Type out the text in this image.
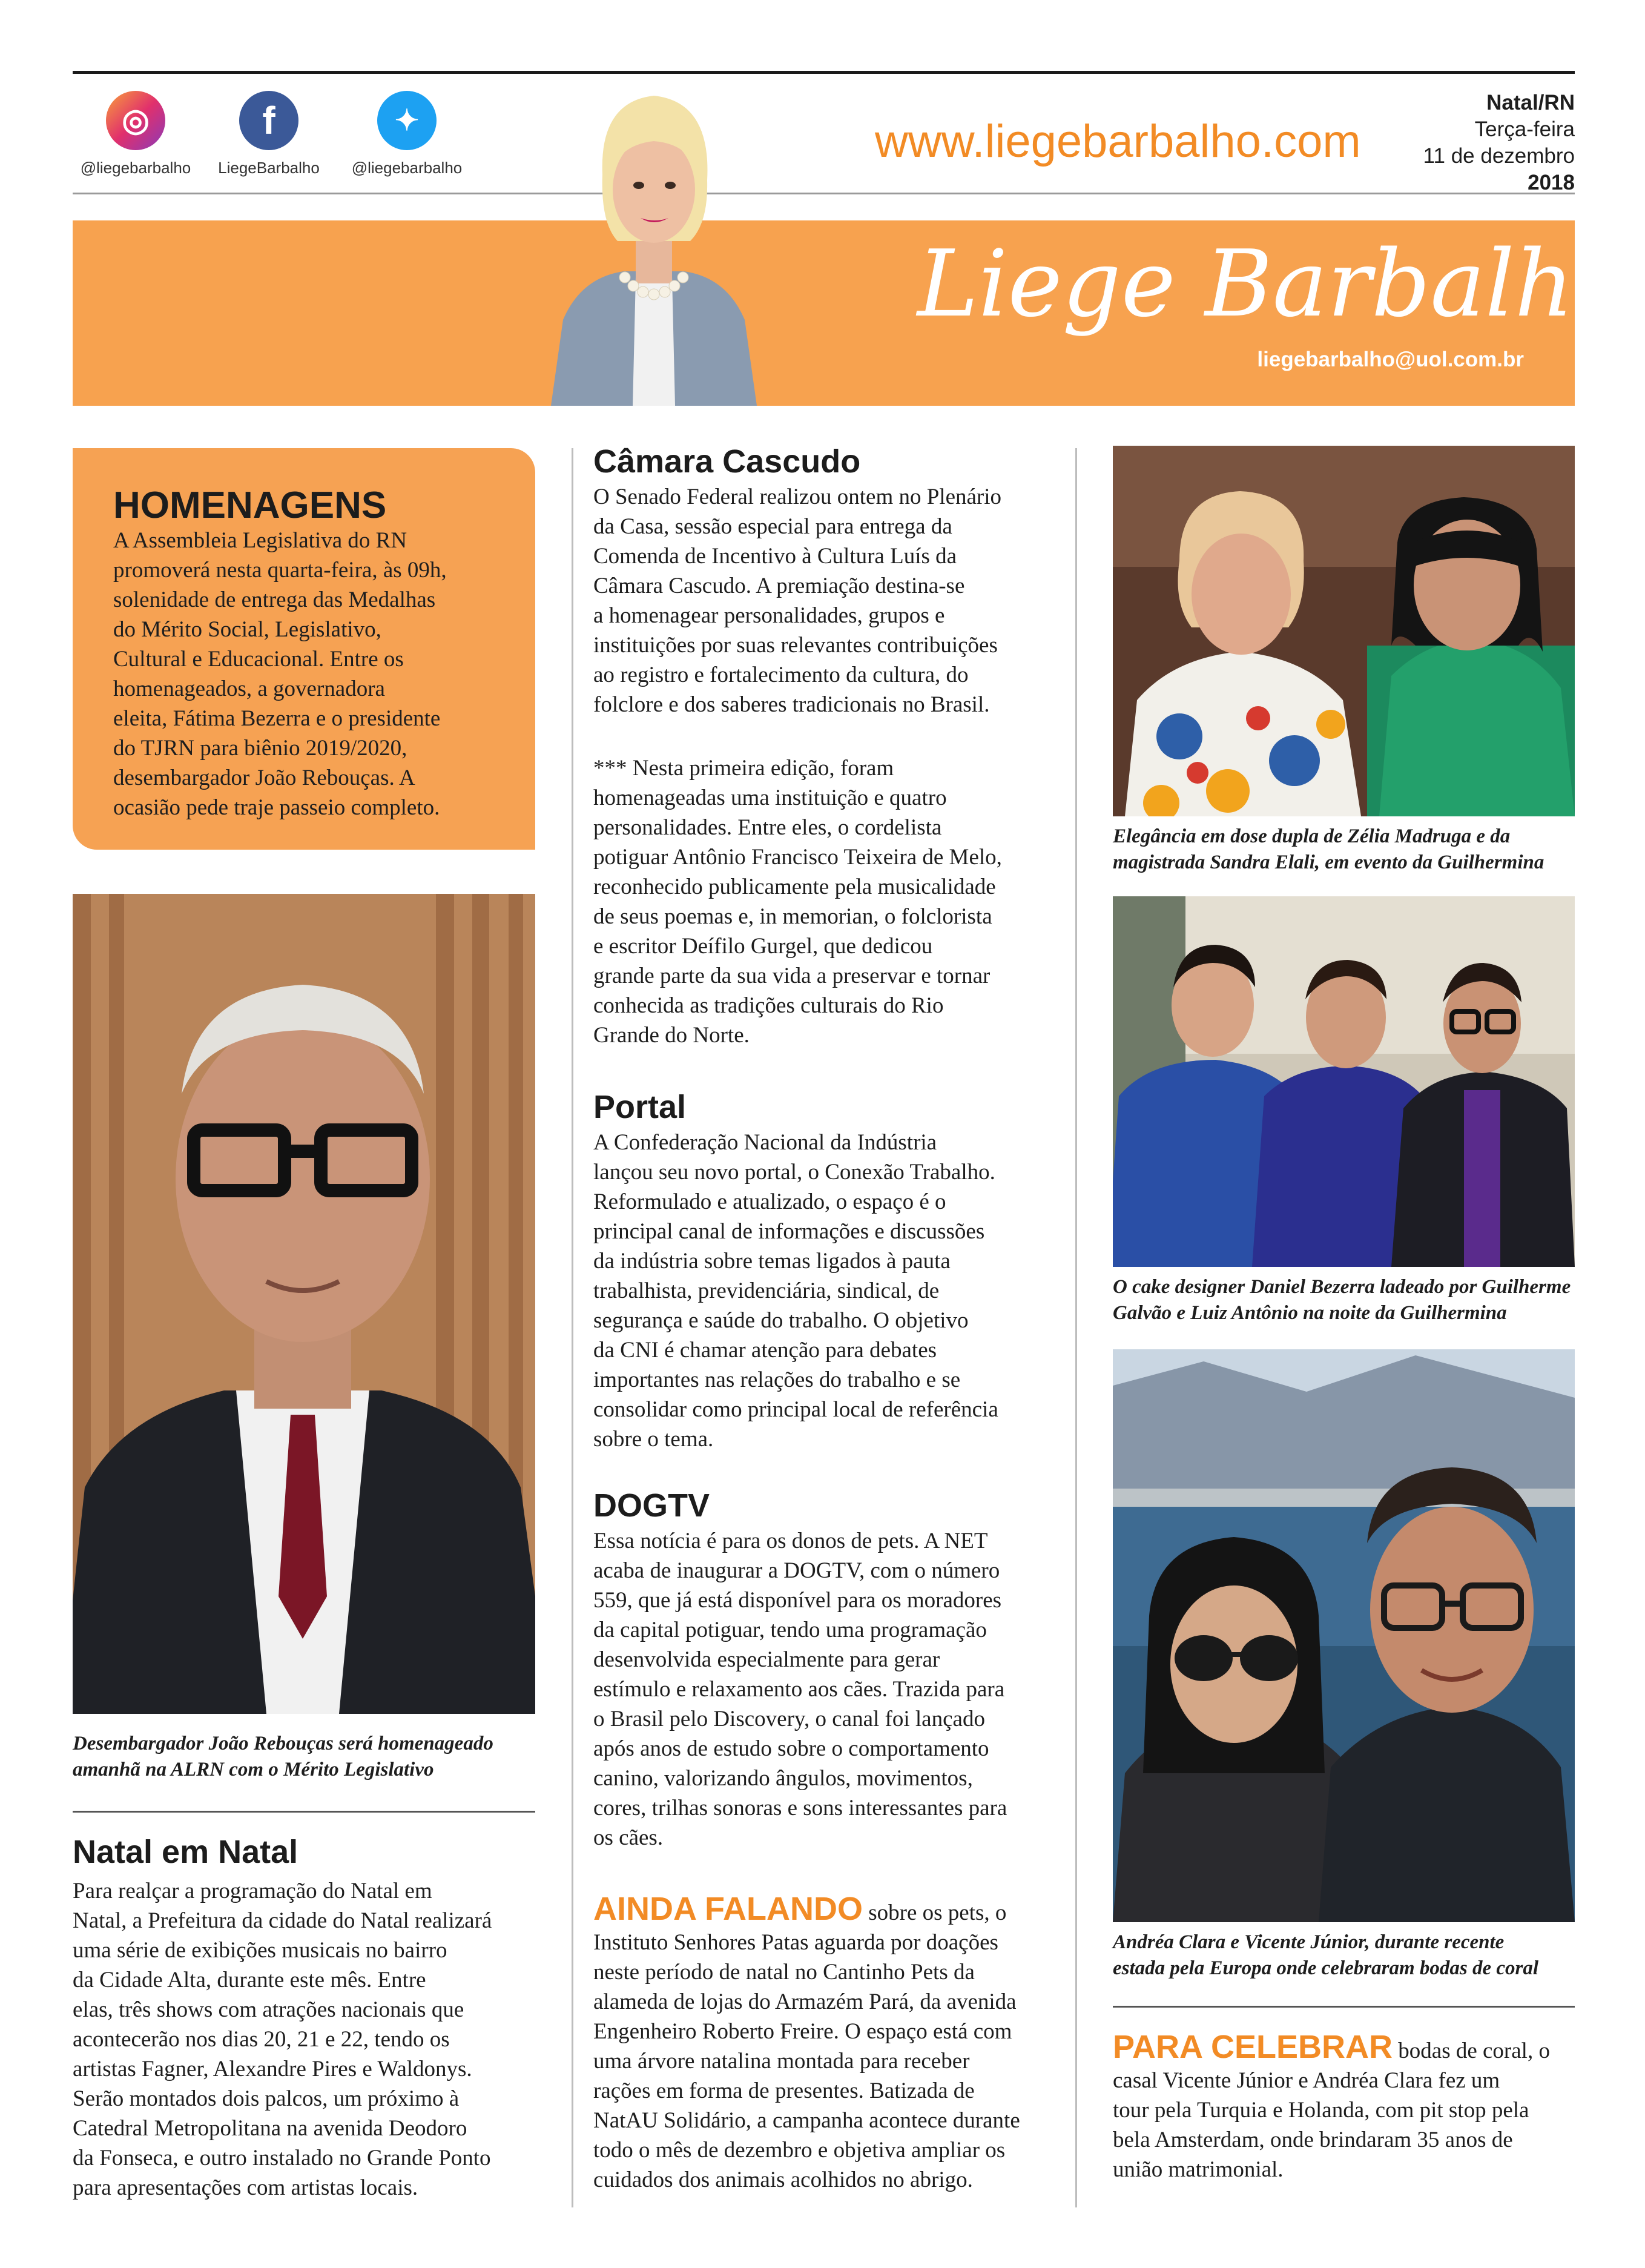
◎
@liegebarbalho
f
LiegeBarbalho
✦
@liegebarbalho
www.liegebarbalho.com
Natal/RN
Terça-feira
11 de dezembro
2018
Liege Barbalho
liegebarbalho@uol.com.br
HOMENAGENS
A Assembleia Legislativa do RN
promoverá nesta quarta-feira, às 09h,
solenidade de entrega das Medalhas
do Mérito Social, Legislativo,
Cultural e Educacional. Entre os
homenageados, a governadora
eleita, Fátima Bezerra e o presidente
do TJRN para biênio 2019/2020,
desembargador João Rebouças. A
ocasião pede traje passeio completo.
Desembargador João Rebouças será homenageado
amanhã na ALRN com o Mérito Legislativo
Natal em Natal
Para realçar a programação do Natal em
Natal, a Prefeitura da cidade do Natal realizará
uma série de exibições musicais no bairro
da Cidade Alta, durante este mês. Entre
elas, três shows com atrações nacionais que
acontecerão nos dias 20, 21 e 22, tendo os
artistas Fagner, Alexandre Pires e Waldonys.
Serão montados dois palcos, um próximo à
Catedral Metropolitana na avenida Deodoro
da Fonseca, e outro instalado no Grande Ponto
para apresentações com artistas locais.
Câmara Cascudo
O Senado Federal realizou ontem no Plenário
da Casa, sessão especial para entrega da
Comenda de Incentivo à Cultura Luís da
Câmara Cascudo. A premiação destina-se
a homenagear personalidades, grupos e
instituições por suas relevantes contribuições
ao registro e fortalecimento da cultura, do
folclore e dos saberes tradicionais no Brasil.
*** Nesta primeira edição, foram
homenageadas uma instituição e quatro
personalidades. Entre eles, o cordelista
potiguar Antônio Francisco Teixeira de Melo,
reconhecido publicamente pela musicalidade
de seus poemas e, in memorian, o folclorista
e escritor Deífilo Gurgel, que dedicou
grande parte da sua vida a preservar e tornar
conhecida as tradições culturais do Rio
Grande do Norte.
Portal
A Confederação Nacional da Indústria
lançou seu novo portal, o Conexão Trabalho.
Reformulado e atualizado, o espaço é o
principal canal de informações e discussões
da indústria sobre temas ligados à pauta
trabalhista, previdenciária, sindical, de
segurança e saúde do trabalho. O objetivo
da CNI é chamar atenção para debates
importantes nas relações do trabalho e se
consolidar como principal local de referência
sobre o tema.
DOGTV
Essa notícia é para os donos de pets. A NET
acaba de inaugurar a DOGTV, com o número
559, que já está disponível para os moradores
da capital potiguar, tendo uma programação
desenvolvida especialmente para gerar
estímulo e relaxamento aos cães. Trazida para
o Brasil pelo Discovery, o canal foi lançado
após anos de estudo sobre o comportamento
canino, valorizando ângulos, movimentos,
cores, trilhas sonoras e sons interessantes para
os cães.
AINDA FALANDO sobre os pets, o
Instituto Senhores Patas aguarda por doações
neste período de natal no Cantinho Pets da
alameda de lojas do Armazém Pará, da avenida
Engenheiro Roberto Freire. O espaço está com
uma árvore natalina montada para receber
rações em forma de presentes. Batizada de
NatAU Solidário, a campanha acontece durante
todo o mês de dezembro e objetiva ampliar os
cuidados dos animais acolhidos no abrigo.
Elegância em dose dupla de Zélia Madruga e da
magistrada Sandra Elali, em evento da Guilhermina
O cake designer Daniel Bezerra ladeado por Guilherme
Galvão e Luiz Antônio na noite da Guilhermina
Andréa Clara e Vicente Júnior, durante recente
estada pela Europa onde celebraram bodas de coral
PARA CELEBRAR bodas de coral, o
casal Vicente Júnior e Andréa Clara fez um
tour pela Turquia e Holanda, com pit stop pela
bela Amsterdam, onde brindaram 35 anos de
união matrimonial.
